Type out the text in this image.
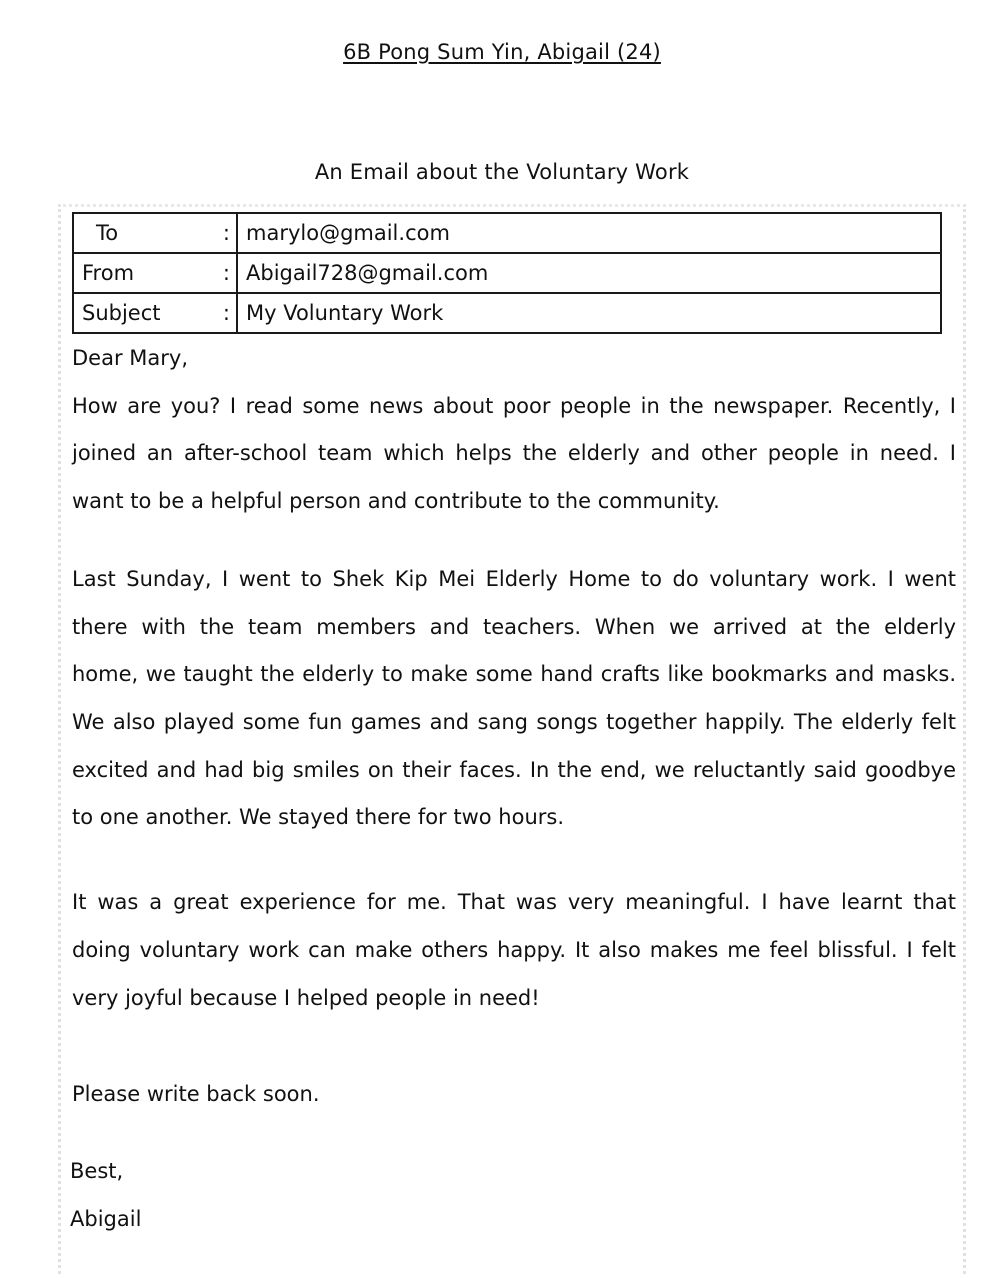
6B Pong Sum Yin, Abigail (24)
An Email about the Voluntary Work
To	:	marylo@gmail.com
From	:	Abigail728@gmail.com
Subject	:	My Voluntary Work
Dear Mary,
How are you? I read some news about poor people in the newspaper. Recently, I
joined an after-school team which helps the elderly and other people in need. I
want to be a helpful person and contribute to the community.
Last Sunday, I went to Shek Kip Mei Elderly Home to do voluntary work. I went
there with the team members and teachers. When we arrived at the elderly
home, we taught the elderly to make some hand crafts like bookmarks and masks.
We also played some fun games and sang songs together happily. The elderly felt
excited and had big smiles on their faces. In the end, we reluctantly said goodbye
to one another. We stayed there for two hours.
It was a great experience for me. That was very meaningful. I have learnt that
doing voluntary work can make others happy. It also makes me feel blissful. I felt
very joyful because I helped people in need!
Please write back soon.
Best,
Abigail
